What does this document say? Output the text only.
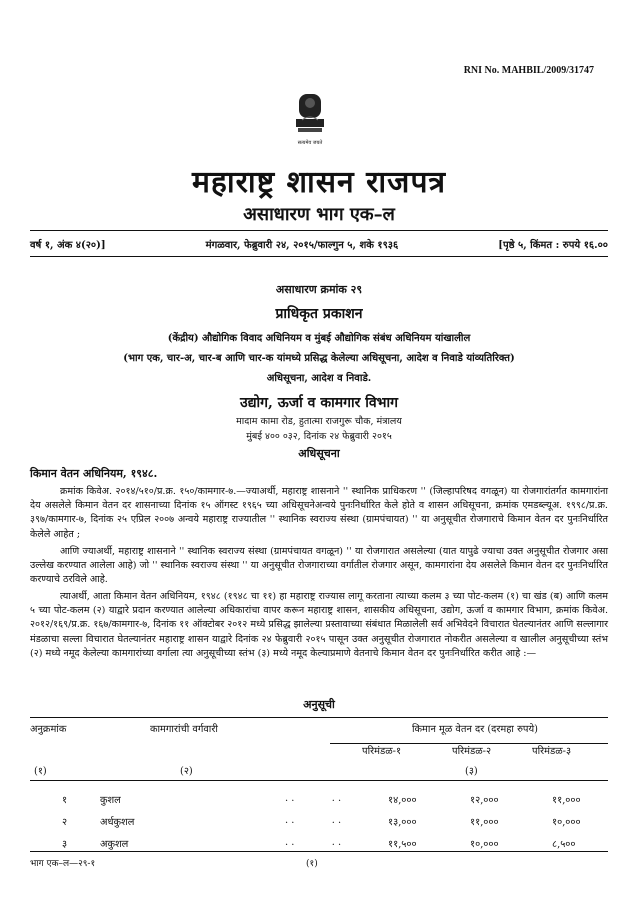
RNI No. MAHBIL/2009/31747
सत्यमेव जयते
महाराष्ट्र शासन राजपत्र
असाधारण भाग एक–ल
वर्ष १, अंक ४(२०)]	मंगळवार, फेब्रुवारी २४, २०१५/फाल्गुन ५, शके १९३६	[पृष्ठे ५, किंमत : रुपये १६.००
असाधारण क्रमांक २९
प्राधिकृत प्रकाशन
(केंद्रीय) औद्योगिक विवाद अधिनियम व मुंबई औद्योगिक संबंध अधिनियम यांखालील
(भाग एक, चार-अ, चार-ब आणि चार-क यांमध्ये प्रसिद्ध केलेल्या अधिसूचना, आदेश व निवाडे यांव्यतिरिक्त)
अधिसूचना, आदेश व निवाडे.
उद्योग, ऊर्जा व कामगार विभाग
मादाम कामा रोड, हुतात्मा राजगुरू चौक, मंत्रालय
मुंबई ४०० ०३२, दिनांक २४ फेब्रुवारी २०१५
अधिसूचना
किमान वेतन अधिनियम, १९४८.
क्रमांक किवेअ. २०१४/५१०/प्र.क्र. १५०/कामगार-७.—ज्याअर्थी, महाराष्ट्र शासनाने '' स्थानिक प्राधिकरण '' (जिल्हापरिषद वगळून) या रोजगारांतर्गत कामगारांना देय असलेले किमान वेतन दर शासनाच्या दिनांक १५ ऑगस्ट १९६५ च्या अधिसूचनेअन्वये पुनःनिर्धारित केले होते व शासन अधिसूचना, क्रमांक एमडब्ल्यूअ. १९९८/प्र.क्र. ३९७/कामगार-७, दिनांक २५ एप्रिल २००७ अन्वये महाराष्ट्र राज्यातील '' स्थानिक स्वराज्य संस्था (ग्रामपंचायत) '' या अनुसूचीत रोजगाराचे किमान वेतन दर पुनःनिर्धारित केलेले आहेत ;
आणि ज्याअर्थी, महाराष्ट्र शासनाने '' स्थानिक स्वराज्य संस्था (ग्रामपंचायत वगळून) '' या रोजगारात असलेल्या (यात यापुढे ज्याचा उक्त अनुसूचीत रोजगार असा उल्लेख करण्यात आलेला आहे) जो '' स्थानिक स्वराज्य संस्था '' या अनुसूचीत रोजगाराच्या वर्गातील रोजगार असून, कामगारांना देय असलेले किमान वेतन दर पुनःनिर्धारित करण्याचे ठरविले आहे.
त्याअर्थी, आता किमान वेतन अधिनियम, १९४८ (१९४८ चा ११) हा महाराष्ट्र राज्यास लागू करताना त्याच्या कलम ३ च्या पोट-कलम (१) चा खंड (ब) आणि कलम ५ च्या पोट-कलम (२) याद्वारे प्रदान करण्यात आलेल्या अधिकारांचा वापर करून महाराष्ट्र शासन, शासकीय अधिसूचना, उद्योग, ऊर्जा व कामगार विभाग, क्रमांक किवेअ. २०१२/१६९/प्र.क्र. १६७/कामगार-७, दिनांक ११ ऑक्टोबर २०१२ मध्ये प्रसिद्ध झालेल्या प्रस्तावाच्या संबंधात मिळालेली सर्व अभिवेदने विचारात घेतल्यानंतर आणि सल्लागार मंडळाचा सल्ला विचारात घेतल्यानंतर महाराष्ट्र शासन याद्वारे दिनांक २४ फेब्रुवारी २०१५ पासून उक्त अनुसूचीत रोजगारात नोकरीत असलेल्या व खालील अनुसूचीच्या स्तंभ (२) मध्ये नमूद केलेल्या कामगारांच्या वर्गाला त्या अनुसूचीच्या स्तंभ (३) मध्ये नमूद केल्याप्रमाणे वेतनाचे किमान वेतन दर पुनःनिर्धारित करीत आहे :—
अनुसूची
अनुक्रमांक	कामगारांची वर्गवारी	किमान मूळ वेतन दर (दरमहा रुपये)
परिमंडळ-१	परिमंडळ-२	परिमंडळ-३
(१)	(२)	(३)
१	कुशल	. .            . .	१४,०००	१२,०००	११,०००
२	अर्धकुशल	. .            . .	१३,०००	११,०००	१०,०००
३	अकुशल	. .            . .	११,५००	१०,०००	८,५००
भाग एक–ल—२९-१	(१)
